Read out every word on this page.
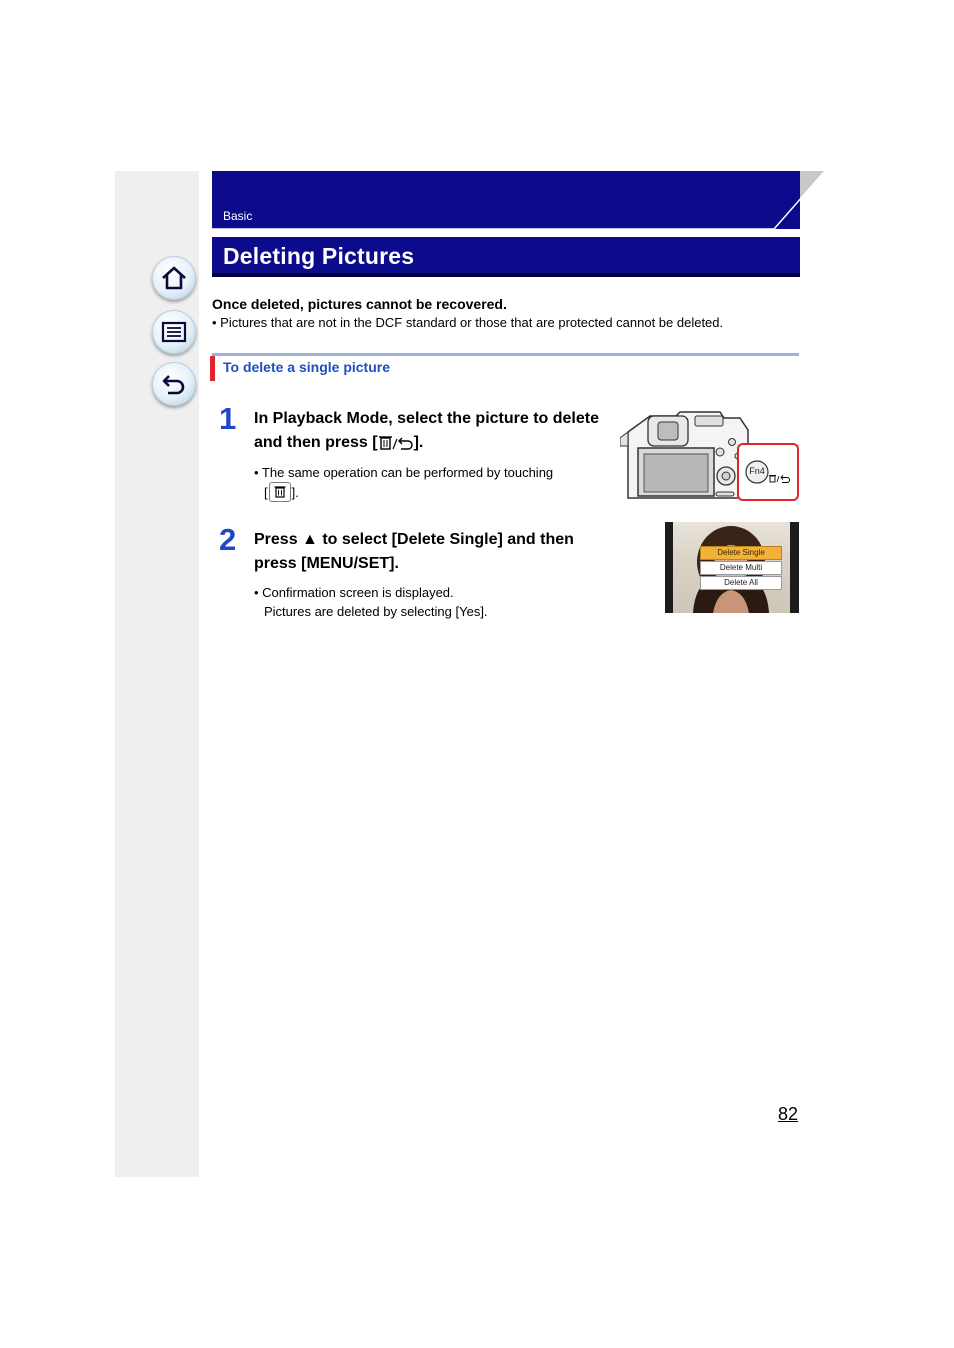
Basic
Deleting Pictures
Once deleted, pictures cannot be recovered.
• Pictures that are not in the DCF standard or those that are protected cannot be deleted.
To delete a single picture
1 In Playback Mode, select the picture to delete
and then press [ ].
• The same operation can be performed by touching
[ ].
Fn4
2 Press ▲ to select [Delete Single] and then
press [MENU/SET].
• Confirmation screen is displayed.
Pictures are deleted by selecting [Yes].
Delete Single
Delete Multi
Delete All
82
